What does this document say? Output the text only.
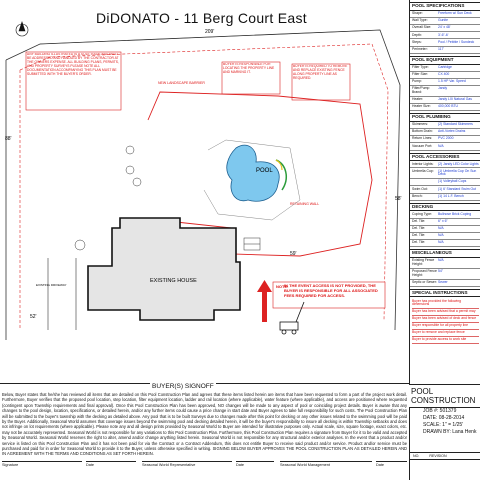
DiDONATO - 11 Berg Court East
209'
88'
59'
58'
52'
ANY BUILDING ILLUSTRATED IS A SOLE ISSUE AND MUST BE ADDRESSED AND HANDLED BY THE CONTRACTOR AT THE OWNERS EXPENSE. ALL BUILDING PLANS, PERMITS, AND PROPERTY SURVEYS PLEASE NOTE ALL DOCUMENTATION ACCOMPANYING THIS PLAN MUST BE SUBMITTED WITH THE BUYER'S ORDER.
BUYER IS RESPONSIBLE FOR LOCATING THE PROPERTY LINE AND MARKING IT.
BUYER IS REQUIRED TO REMOVE AND REPLACE EXISTING FENCE ALONG PROPERTY LINE AS REQUIRED.
NEW LANDSCAPE BARRIER
RETAINING WALL
POOL
EXISTING HOUSE
EXISTING DRIVEWAY	NOTE:
IN THE EVENT ACCESS IS NOT PROVIDED, THE BUYER IS RESPONSIBLE FOR ALL ASSOCIATED FEES REQUIRED FOR ACCESS.
POOL SPECIFICATIONS
Shape:	Freeform w/ Sun Deck
Wall Type:	Gunite
Overall Size:	24' x 48'
Depth:	3'-6"-6'
Steps:	Pool / Pebble / Sundeck
Perimeter:	117'
POOL EQUIPMENT
Filter Type:	Cartridge
Filter Size:	CX 400
Pump:	1.5 HP Var. Speed
Filter/Pump Brand:
Jandy
Heater:	Jandy LXi Natural Gas
Heater Size:	400,000 BTU
POOL PLUMBING
Skimmers:	(2) Standard Skimmers
Bottom Drain:	Anti-Vortex Drains
Return Lines:	PVC 2000
Vacuum Port:	N/A
POOL ACCESSORIES
Interior Lights:	(2) Jandy LED Color Lights
Umbrella Cup:	(1) Umbrella Cup On Sun Deck
(1) Volleyball Cups
Swim Out:	(1) 6' Standard Swim Out
Bench:	(1) 14 L.F. Bench
DECKING
Coping Type:	Bullnose Brick Coping
Del. Tile:	6" x 6"
Del. Tile:	N/A
Del. Tile:	N/A
Del. Tile:	N/A
MISCELLANEOUS
Existing Fence Height:
N/A
Proposed Fence Height:
54"
Septic or Sewer: Sewer
SPECIAL INSTRUCTIONS
Buyer has provided the following dimensions
Buyer has been advised that a permit may
Buyer has been advised of deck and fence
Buyer responsible for all property line
Buyer to remove and replace fence
Buyer to provide access to work site
POOL CONSTRUCTION
JOB #: 501379
DATE: 08-28-2014
SCALE: 1" = 1/25'
DRAWN BY: Lana Henk
NO.	REVISION
BUYER(S) SIGNOFF
Below, Buyer states that he/she has reviewed all items that are detailed on this Pool Construction Plan and agrees that these items listed herein are items that have been requested to form a part of the project work detail. Furthermore, Buyer verifies that the proposed pool location, step location, filter equipment location, ladder and rail location (where applicable), water feature (where applicable), and access are positioned where requested (contingent upon Township requirements and final approval). Once this Pool Construction Plan has been approved, NO changes will be made to any aspect of pool or coinciding project details. Buyer is aware that any changes to the pool design, location, specifications, or detailed herein, and/or any further items could cause a price change in start date and Buyer agrees to take full responsibility for such costs. The Pool Construction Plan will be submitted to the buyer's township with the decking as detailed above. Any pool that is to be built Surveys due to changes made after this point for decking or any other issues related to the swimming pool will be paid by the Buyer. Additionally, Seasonal World assumes that coverage issues beyond the swimming pool and decking detailed herein, it will be the buyer's responsibility to insure all decking is within Township setbacks and does not infringe on lot requirements (where applicable). Please note any and all design prints provided by Seasonal World to Buyer are intended for illustrative purposes only. Actual scale, size, square footage, exact colors, etc. may not be accurately represented. Seasonal World is not responsible for any variations to this Pool Construction Plan. Furthermore, this Pool Construction Plan requires a signature from Buyer for it to be valid and accepted by Seasonal World. Seasonal World reserves the right to alter, amend and/or change anything listed herein. Seasonal World is not responsible for any structural and/or exterior analyses. In the event that a product and/or service is listed on this Pool Construction Plan and it has not been paid for via the Contract or a Contract Addendum, this does not entitle Buyer to receive said product and/or service. Product and/or service must be purchased and paid for in order for Seasonal World to provide it to the Buyer, unless otherwise specified in writing. SIGNING BELOW BUYER APPROVES THE POOL CONSTRUCTION PLAN AS DETAILED HEREIN AND IN AGREEMENT WITH THE TERMS AND CONDITIONS AS SET FORTH HEREIN.
Signature	Date	Seasonal World Representative	Date	Seasonal World Management	Date
